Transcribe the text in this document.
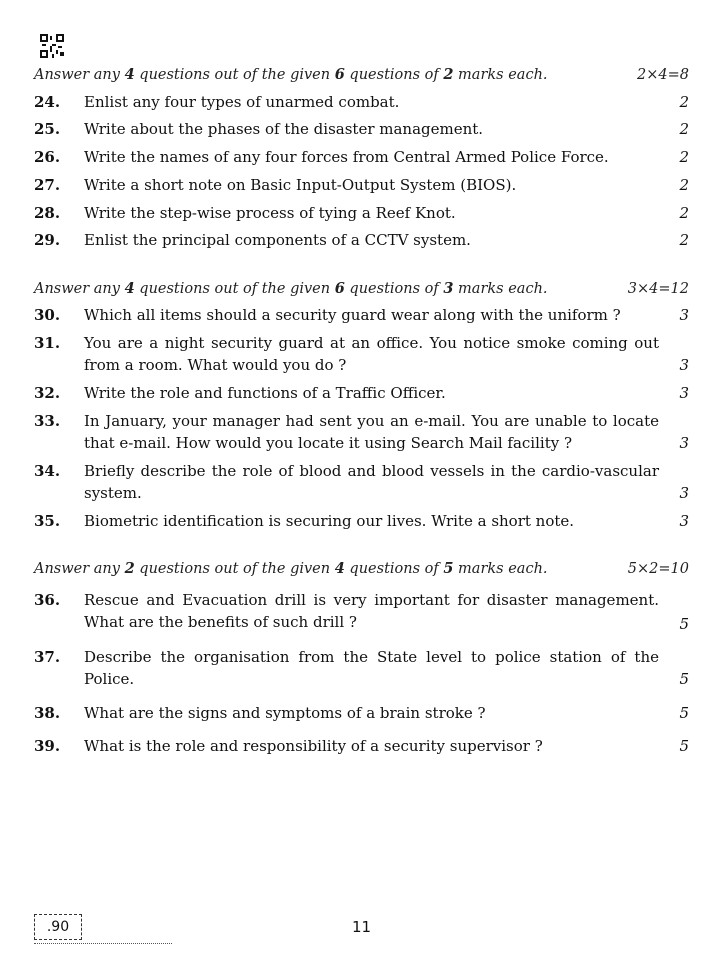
Answer any 4 questions out of the given 6 questions of 2 marks each.	2×4=8
24. Enlist any four types of unarmed combat.	2
25. Write about the phases of the disaster management.	2
26. Write the names of any four forces from Central Armed Police Force.	2
27. Write a short note on Basic Input-Output System (BIOS).	2
28. Write the step-wise process of tying a Reef Knot.	2
29. Enlist the principal components of a CCTV system.	2
Answer any 4 questions out of the given 6 questions of 3 marks each.	3×4=12
30. Which all items should a security guard wear along with the uniform ?	3
31. You are a night security guard at an office. You notice smoke coming out from a room. What would you do ?	3
32. Write the role and functions of a Traffic Officer.	3
33. In January, your manager had sent you an e-mail. You are unable to locate that e-mail. How would you locate it using Search Mail facility ?	3
34. Briefly describe the role of blood and blood vessels in the cardio-vascular system.	3
35. Biometric identification is securing our lives. Write a short note.	3
Answer any 2 questions out of the given 4 questions of 5 marks each.	5×2=10
36. Rescue and Evacuation drill is very important for disaster management. What are the benefits of such drill ?	5
37. Describe the organisation from the State level to police station of the Police.	5
38. What are the signs and symptoms of a brain stroke ?	5
39. What is the role and responsibility of a security supervisor ?	5
.90	11
